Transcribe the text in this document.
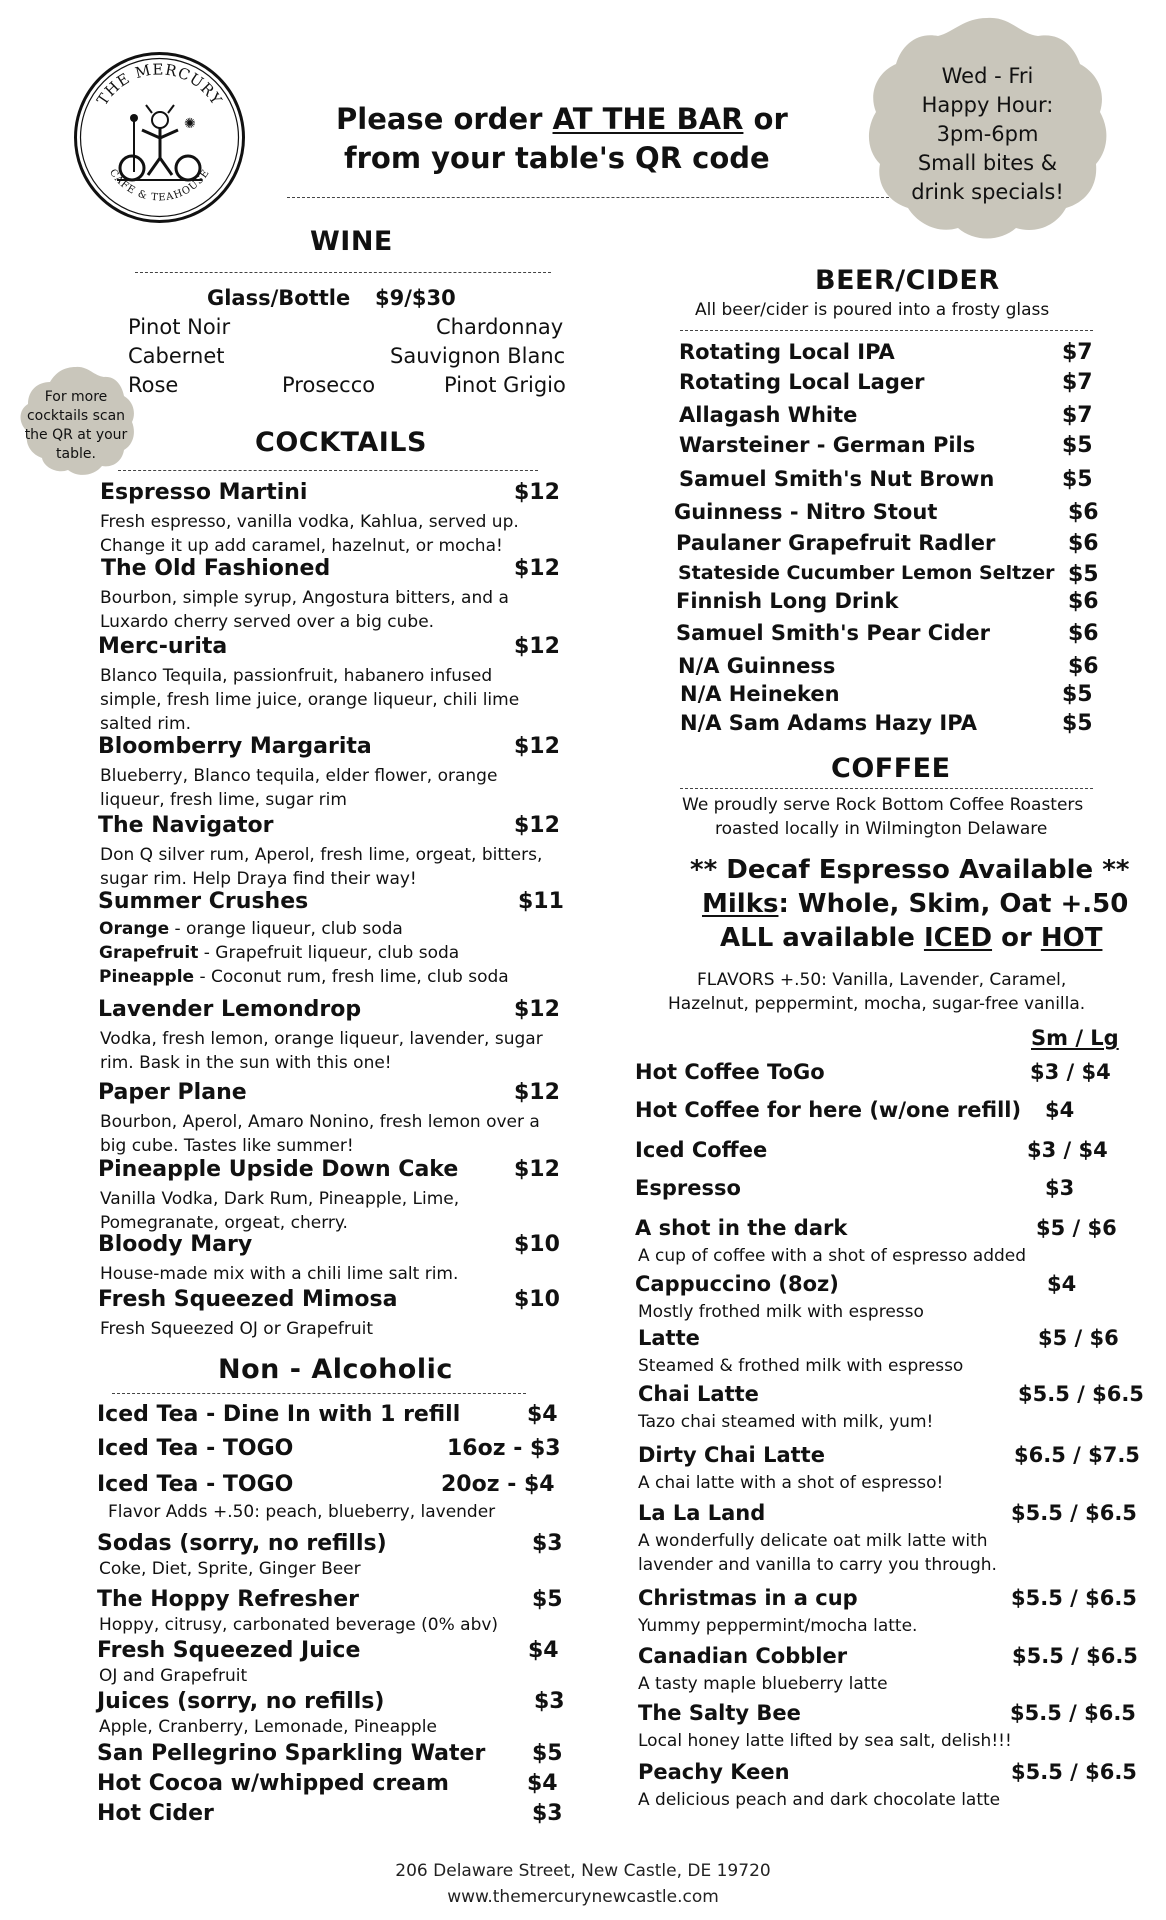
THE MERCURY
CAFE & TEAHOUSE
✺	Please order AT THE BAR or
from your table's QR code
Wed - Fri
Happy Hour:
3pm-6pm
Small bites &
drink specials!
For more
cocktails scan
the QR at your
table.
WINE
Glass/Bottle $9/$30
Pinot Noir	Chardonnay
Cabernet	Sauvignon Blanc
Rose	Prosecco	Pinot Grigio
COCKTAILS
Non - Alcoholic
BEER/CIDER
All beer/cider is poured into a frosty glass
COFFEE
We proudly serve Rock Bottom Coffee Roasters
roasted locally in Wilmington Delaware
** Decaf Espresso Available **
Milks: Whole, Skim, Oat +.50
ALL available ICED or HOT
FLAVORS +.50: Vanilla, Lavender, Caramel,
Hazelnut, peppermint, mocha, sugar-free vanilla.
Sm / Lg
206 Delaware Street, New Castle, DE 19720
www.themercurynewcastle.com
Espresso Martini	$12
Fresh espresso, vanilla vodka, Kahlua, served up. Change it up add caramel, hazelnut, or mocha!
The Old Fashioned	$12
Bourbon, simple syrup, Angostura bitters, and a Luxardo cherry served over a big cube.
Merc-urita	$12
Blanco Tequila, passionfruit, habanero infused simple, fresh lime juice, orange liqueur, chili lime salted rim.
Bloomberry Margarita	$12
Blueberry, Blanco tequila, elder flower, orange liqueur, fresh lime, sugar rim
The Navigator	$12
Don Q silver rum, Aperol, fresh lime, orgeat, bitters, sugar rim. Help Draya find their way!
Summer Crushes	$11
Lavender Lemondrop	$12
Vodka, fresh lemon, orange liqueur, lavender, sugar rim. Bask in the sun with this one!
Paper Plane	$12
Bourbon, Aperol, Amaro Nonino, fresh lemon over a big cube. Tastes like summer!
Pineapple Upside Down Cake	$12
Vanilla Vodka, Dark Rum, Pineapple, Lime, Pomegranate, orgeat, cherry.
Bloody Mary	$10
House-made mix with a chili lime salt rim.
Fresh Squeezed Mimosa	$10
Fresh Squeezed OJ or Grapefruit
Orange - orange liqueur, club soda
Grapefruit - Grapefruit liqueur, club soda
Pineapple - Coconut rum, fresh lime, club soda
Iced Tea - Dine In with 1 refill	$4
Iced Tea - TOGO	16oz - $3
Iced Tea - TOGO	20oz - $4
Flavor Adds +.50: peach, blueberry, lavender
Sodas (sorry, no refills)	$3
Coke, Diet, Sprite, Ginger Beer
The Hoppy Refresher	$5
Hoppy, citrusy, carbonated beverage (0% abv)
Fresh Squeezed Juice	$4
OJ and Grapefruit
Juices (sorry, no refills)	$3
Apple, Cranberry, Lemonade, Pineapple
San Pellegrino Sparkling Water $5
Hot Cocoa w/whipped cream	$4
Hot Cider	$3
Rotating Local IPA	$7
Rotating Local Lager	$7
Allagash White	$7
Warsteiner - German Pils	$5
Samuel Smith's Nut Brown	$5
Guinness - Nitro Stout	$6
Paulaner Grapefruit Radler	$6
Stateside Cucumber Lemon Seltzer $5
Finnish Long Drink	$6
Samuel Smith's Pear Cider	$6
N/A Guinness	$6
N/A Heineken	$5
N/A Sam Adams Hazy IPA	$5
Hot Coffee ToGo	$3 / $4
Hot Coffee for here (w/one refill) $4
Iced Coffee	$3 / $4
Espresso	$3
A shot in the dark	$5 / $6
A cup of coffee with a shot of espresso added
Cappuccino (8oz)	$4
Mostly frothed milk with espresso
Latte	$5 / $6
Steamed & frothed milk with espresso
Chai Latte	$5.5 / $6.5
Tazo chai steamed with milk, yum!
Dirty Chai Latte	$6.5 / $7.5
A chai latte with a shot of espresso!
La La Land	$5.5 / $6.5
A wonderfully delicate oat milk latte with lavender and vanilla to carry you through.
Christmas in a cup	$5.5 / $6.5
Yummy peppermint/mocha latte.
Canadian Cobbler	$5.5 / $6.5
A tasty maple blueberry latte
The Salty Bee	$5.5 / $6.5
Local honey latte lifted by sea salt, delish!!!
Peachy Keen	$5.5 / $6.5
A delicious peach and dark chocolate latte
